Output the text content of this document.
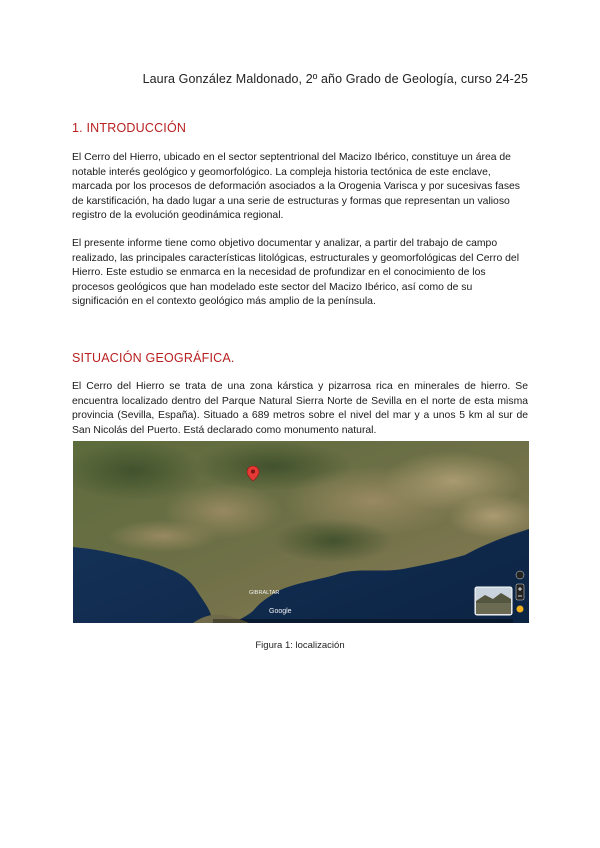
Laura González Maldonado, 2º año Grado de Geología, curso 24-25
1. INTRODUCCIÓN
El Cerro del Hierro, ubicado en el sector septentrional del Macizo Ibérico, constituye un área de notable interés geológico y geomorfológico. La compleja historia tectónica de este enclave, marcada por los procesos de deformación asociados a la Orogenia Varisca y por sucesivas fases de karstificación, ha dado lugar a una serie de estructuras y formas que representan un valioso registro de la evolución geodinámica regional.
El presente informe tiene como objetivo documentar y analizar, a partir del trabajo de campo realizado, las principales características litológicas, estructurales y geomorfológicas del Cerro del Hierro. Este estudio se enmarca en la necesidad de profundizar en el conocimiento de los procesos geológicos que han modelado este sector del Macizo Ibérico, así como de su significación en el contexto geológico más amplio de la península.
SITUACIÓN GEOGRÁFICA.
El Cerro del Hierro se trata de una zona kárstica y pizarrosa rica en minerales de hierro. Se encuentra localizado dentro del Parque Natural Sierra Norte de Sevilla en el norte de esta misma provincia (Sevilla, España). Situado a 689 metros sobre el nivel del mar y a unos 5 km al sur de San Nicolás del Puerto. Está declarado como monumento natural.
GIBRALTAR
Google
Figura 1: localización
